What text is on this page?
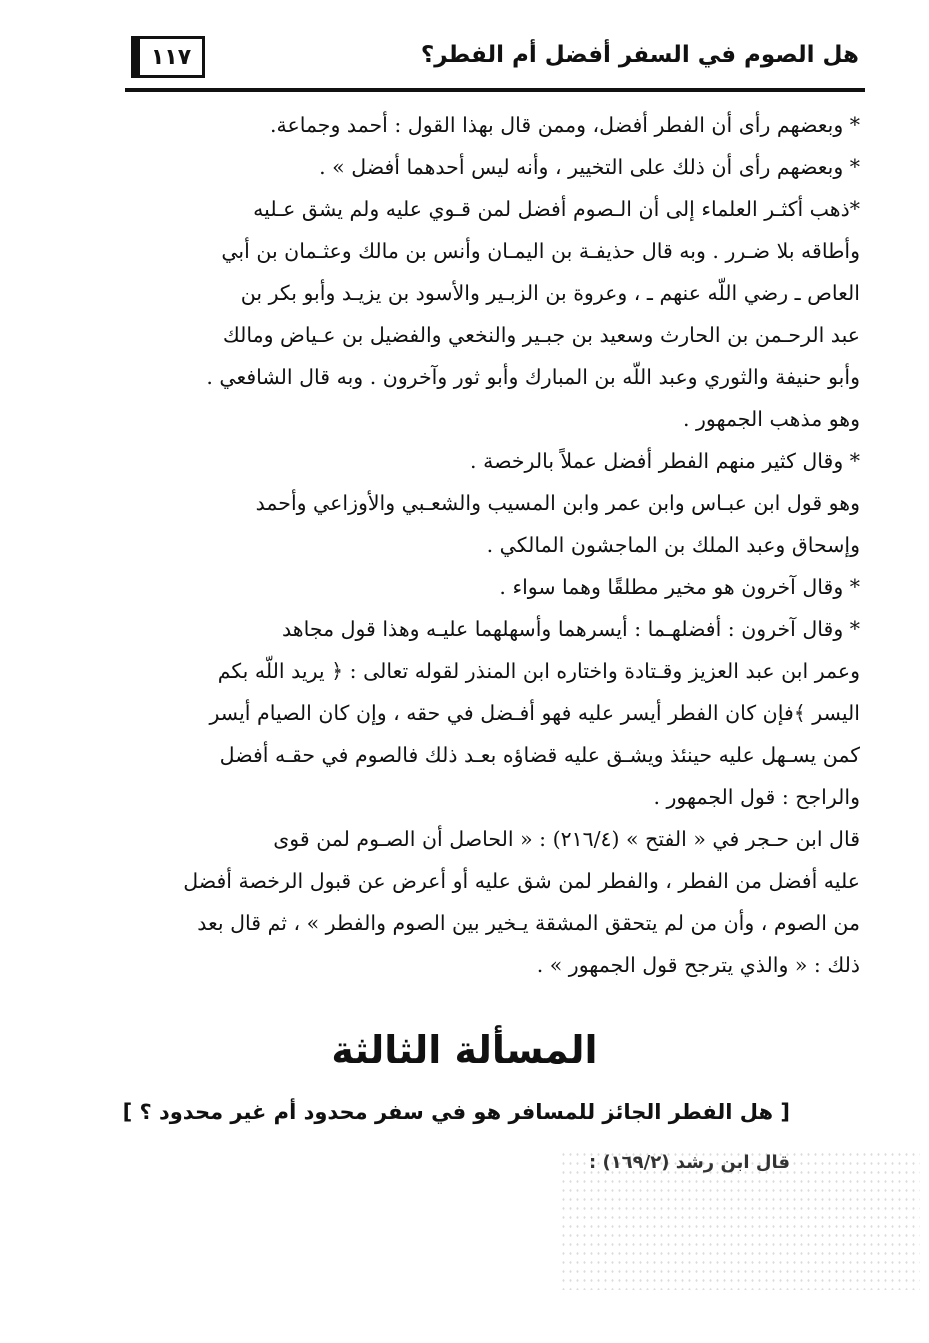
١١٧	هل الصوم في السفر أفضل أم الفطر؟
* وبعضهم رأى أن الفطر أفضل، وممن قال بهذا القول : أحمد وجماعة.
* وبعضهم رأى أن ذلك على التخيير ، وأنه ليس أحدهما أفضل » .
*ذهب أكثـر العلماء إلى أن الـصوم أفضل لمن قـوي عليه ولم يشق عـليه
وأطاقه بلا ضـرر . وبه قال حذيفـة بن اليمـان وأنس بن مالك وعثـمان بن أبي
العاص ـ رضي اللّه عنهم ـ ، وعروة بن الزبـير والأسود بن يزيـد وأبو بكر بن
عبد الرحـمن بن الحارث وسعيد بن جبـير والنخعي والفضيل بن عـياض ومالك
وأبو حنيفة والثوري وعبد اللّه بن المبارك وأبو ثور وآخرون . وبه قال الشافعي .
وهو مذهب الجمهور .
* وقال كثير منهم الفطر أفضل عملاً بالرخصة .
وهو قول ابن عبـاس وابن عمر وابن المسيب والشعـبي والأوزاعي وأحمد
وإسحاق وعبد الملك بن الماجشون المالكي .
* وقال آخرون هو مخير مطلقًا وهما سواء .
* وقال آخرون : أفضلهـما : أيسرهما وأسهلهما عليـه وهذا قول مجاهد
وعمر ابن عبد العزيز وقـتادة واختاره ابن المنذر لقوله تعالى : ﴿ يريد اللّه بكم
اليسر ﴾فإن كان الفطر أيسر عليه فهو أفـضل في حقه ، وإن كان الصيام أيسر
كمن يسـهل عليه حينئذ ويشـق عليه قضاؤه بعـد ذلك فالصوم في حقـه أفضل
والراجح : قول الجمهور .
قال ابن حـجر في « الفتح » (٢١٦/٤) : « الحاصل أن الصـوم لمن قوى
عليه أفضل من الفطر ، والفطر لمن شق عليه أو أعرض عن قبول الرخصة أفضل
من الصوم ، وأن من لم يتحقق المشقة يـخير بين الصوم والفطر » ، ثم قال بعد
ذلك : « والذي يترجح قول الجمهور » .
المسألة الثالثة
[ هل الفطر الجائز للمسافر هو في سفر محدود أم غير محدود ؟ ]
قال ابن رشد (١٦٩/٢) :
